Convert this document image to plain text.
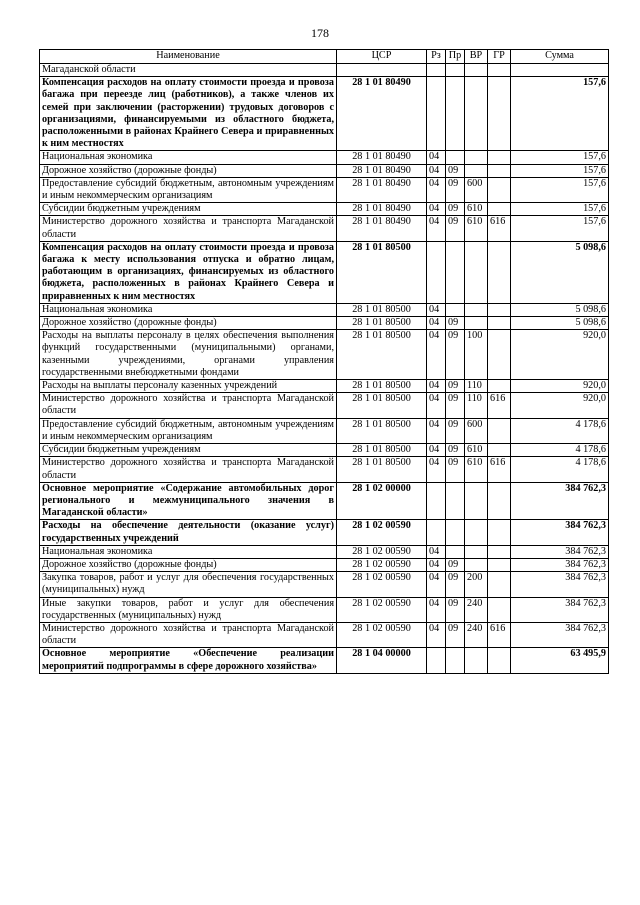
178
Наименование	ЦСР	Рз	Пр	ВР	ГР	Сумма
Магаданской области						
Компенсация расходов на оплату стоимости проезда и провоза багажа при переезде лиц (работников), а также членов их семей при заключении (расторжении) трудовых договоров с организациями, финансируемыми из областного бюджета, расположенными в районах Крайнего Севера и приравненных к ним местностях	28 1 01 80490					157,6
Национальная экономика	28 1 01 80490	04				157,6
Дорожное хозяйство (дорожные фонды)	28 1 01 80490	04	09			157,6
Предоставление субсидий бюджетным, автономным учреждениям и иным некоммерческим организациям	28 1 01 80490	04	09	600		157,6
Субсидии бюджетным учреждениям	28 1 01 80490	04	09	610		157,6
Министерство дорожного хозяйства и транспорта Магаданской области	28 1 01 80490	04	09	610	616	157,6
Компенсация расходов на оплату стоимости проезда и провоза багажа к месту использования отпуска и обратно лицам, работающим в организациях, финансируемых из областного бюджета, расположенных в районах Крайнего Севера и приравненных к ним местностях	28 1 01 80500					5 098,6
Национальная экономика	28 1 01 80500	04				5 098,6
Дорожное хозяйство (дорожные фонды)	28 1 01 80500	04	09			5 098,6
Расходы на выплаты персоналу в целях обеспечения выполнения функций государственными (муниципальными) органами, казенными учреждениями, органами управления государственными внебюджетными фондами	28 1 01 80500	04	09	100		920,0
Расходы на выплаты персоналу казенных учреждений	28 1 01 80500	04	09	110		920,0
Министерство дорожного хозяйства и транспорта Магаданской области	28 1 01 80500	04	09	110	616	920,0
Предоставление субсидий бюджетным, автономным учреждениям и иным некоммерческим организациям	28 1 01 80500	04	09	600		4 178,6
Субсидии бюджетным учреждениям	28 1 01 80500	04	09	610		4 178,6
Министерство дорожного хозяйства и транспорта Магаданской области	28 1 01 80500	04	09	610	616	4 178,6
Основное мероприятие «Содержание автомобильных дорог регионального и межмуниципального значения в Магаданской области»	28 1 02 00000					384 762,3
Расходы на обеспечение деятельности (оказание услуг) государственных учреждений	28 1 02 00590					384 762,3
Национальная экономика	28 1 02 00590	04				384 762,3
Дорожное хозяйство (дорожные фонды)	28 1 02 00590	04	09			384 762,3
Закупка товаров, работ и услуг для обеспечения государственных (муниципальных) нужд	28 1 02 00590	04	09	200		384 762,3
Иные закупки товаров, работ и услуг для обеспечения государственных (муниципальных) нужд	28 1 02 00590	04	09	240		384 762,3
Министерство дорожного хозяйства и транспорта Магаданской области	28 1 02 00590	04	09	240	616	384 762,3
Основное мероприятие «Обеспечение реализации мероприятий подпрограммы в сфере дорожного хозяйства»	28 1 04 00000					63 495,9
